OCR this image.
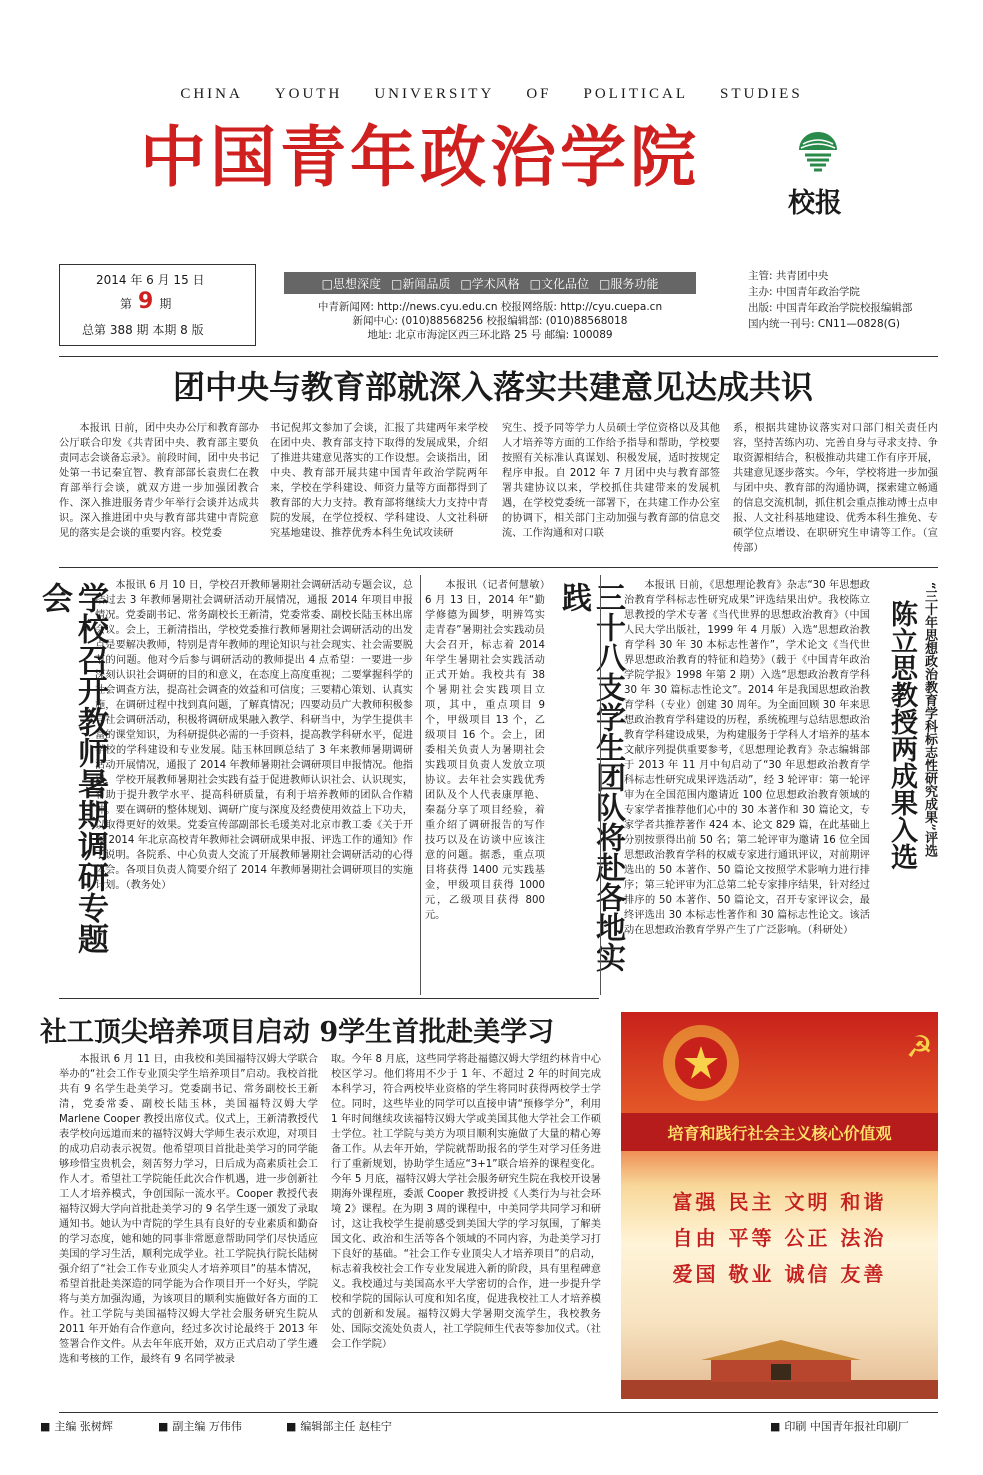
CHINA YOUTH UNIVERSITY OF POLITICAL STUDIES
中国青年政治学院
校报
2014 年 6 月 15 日
第 9 期
总第 388 期 本期 8 版
□思想深度 □新闻品质 □学术风格 □文化品位 □服务功能
中青新闻网: http://news.cyu.edu.cn 校报网络版: http://cyu.cuepa.cn
新闻中心: (010)88568256 校报编辑部: (010)88568018
地址: 北京市海淀区西三环北路 25 号 邮编: 100089
主管: 共青团中央
主办: 中国青年政治学院
出版: 中国青年政治学院校报编辑部
国内统一刊号: CN11—0828(G)
团中央与教育部就深入落实共建意见达成共识

本报讯 日前，团中央办公厅和教育部办公厅联合印发《共青团中央、教育部主要负责同志会谈备忘录》。前段时间，团中央书记处第一书记秦宜智、教育部部长袁贵仁在教育部举行会谈，就双方进一步加强团教合作、深入推进服务青少年举行会谈并达成共识。深入推进团中央与教育部共建中青院意见的落实是会谈的重要内容。校党委

书记倪邦文参加了会谈，汇报了共建两年来学校在团中央、教育部支持下取得的发展成果，介绍了推进共建意见落实的工作设想。会谈指出，团中央、教育部开展共建中国青年政治学院两年来，学校在学科建设、师资力量等方面都得到了教育部的大力支持。教育部将继续大力支持中青院的发展，在学位授权、学科建设、人文社科研究基地建设、推荐优秀本科生免试攻读研

究生、授予同等学力人员硕士学位资格以及其他人才培养等方面的工作给予指导和帮助，学校要按照有关标准认真谋划、积极发展，适时按规定程序申报。自 2012 年 7 月团中央与教育部签署共建协议以来，学校抓住共建带来的发展机遇，在学校党委统一部署下，在共建工作办公室的协调下，相关部门主动加强与教育部的信息交流、工作沟通和对口联

系，根据共建协议落实对口部门相关责任内容，坚持苦练内功、完善自身与寻求支持、争取资源相结合，积极推动共建工作有序开展，共建意见逐步落实。今年，学校将进一步加强与团中央、教育部的沟通协调，探索建立畅通的信息交流机制，抓住机会重点推动博士点申报、人文社科基地建设、优秀本科生推免、专硕学位点增设、在职研究生申请等工作。（宣传部）

学校召开教师暑期调研专题会	本报讯 6 月 10 日，学校召开教师暑期社会调研活动专题会议，总结过去 3 年教师暑期社会调研活动开展情况，通报 2014 年项目申报情况。党委副书记、常务副校长王新清，党委常委、副校长陆玉林出席会议。会上，王新清指出，学校党委推行教师暑期社会调研活动的出发点是要解决教师，特别是青年教师的理论知识与社会现实、社会需要脱节的问题。他对今后参与调研活动的教师提出 4 点希望：一要进一步深刻认识社会调研的目的和意义，在态度上高度重视；二要掌握科学的社会调查方法，提高社会调查的效益和可信度；三要精心策划、认真实施，在调研过程中找到真问题，了解真情况；四要动员广大教师积极参与社会调研活动，积极将调研成果融入教学、科研当中，为学生提供丰富的课堂知识，为科研提供必需的一手资料，提高教学科研水平，促进学校的学科建设和专业发展。陆玉林回顾总结了 3 年来教师暑期调研活动开展情况，通报了 2014 年教师暑期社会调研项目申报情况。他指出，学校开展教师暑期社会实践有益于促进教师认识社会、认识现实，有助于提升教学水平、提高科研质量，有利于培养教师的团队合作精神。要在调研的整体规划、调研广度与深度及经费使用效益上下功夫，以取得更好的效果。党委宣传部副部长毛瑗美对北京市教工委《关于开展 2014 年北京高校青年教师社会调研成果申报、评选工作的通知》作了说明。各院系、中心负责人交流了开展教师暑期社会调研活动的心得体会。各项目负责人简要介绍了 2014 年教师暑期社会调研项目的实施计划。（教务处）

本报讯（记者何慧敏）6 月 13 日，2014 年“勤学修德为圆梦，明辨笃实走青春”暑期社会实践动员大会召开，标志着 2014 年学生暑期社会实践活动正式开始。我校共有 38 个暑期社会实践项目立项，其中，重点项目 9 个，甲级项目 13 个，乙级项目 16 个。会上，团委相关负责人为暑期社会实践项目负责人发放立项协议。去年社会实践优秀团队及个人代表康厚艳、秦磊分享了项目经验，着重介绍了调研报告的写作技巧以及在访谈中应该注意的问题。据悉，重点项目将获得 1400 元实践基金，甲级项目获得 1000 元，乙级项目获得 800 元。	三十八支学生团队将赴各地实践	本报讯 日前，《思想理论教育》杂志“30 年思想政治教育学科标志性研究成果”评选结果出炉。我校陈立思教授的学术专著《当代世界的思想政治教育》（中国人民大学出版社，1999 年 4 月版）入选“思想政治教育学科 30 年 30 本标志性著作”，学术论文《当代世界思想政治教育的特征和趋势》（载于《中国青年政治学院学报》1998 年第 2 期）入选“思想政治教育学科 30 年 30 篇标志性论文”。2014 年是我国思想政治教育学科（专业）创建 30 周年。为全面回顾 30 年来思想政治教育学科建设的历程，系统梳理与总结思想政治教育学科建设成果，为构建服务于学科人才培养的基本文献序列提供重要参考，《思想理论教育》杂志编辑部于 2013 年 11 月中旬启动了“30 年思想政治教育学科标志性研究成果评选活动”，经 3 轮评审：第一轮评审为在全国范围内邀请近 100 位思想政治教育领域的专家学者推荐他们心中的 30 本著作和 30 篇论文，专家学者共推荐著作 424 本、论文 829 篇，在此基础上分别按票得出前 50 名；第二轮评审为邀请 16 位全国思想政治教育学科的权威专家进行通讯评议，对前期评选出的 50 本著作、50 篇论文按照学术影响力进行排序；第三轮评审为汇总第二轮专家排序结果，针对经过排序的 50 本著作、50 篇论文，召开专家评议会，最终评选出 30 本标志性著作和 30 篇标志性论文。该活动在思想政治教育学界产生了广泛影响。（科研处）

“三十年思想政治教育学科标志性研究成果”评选
陈立思教授两成果入选
社工顶尖培养项目启动 9学生首批赴美学习

本报讯 6 月 11 日，由我校和美国福特汉姆大学联合举办的“社会工作专业顶尖学生培养项目”启动。我校首批共有 9 名学生赴美学习。党委副书记、常务副校长王新清，党委常委、副校长陆玉林，美国福特汉姆大学 Marlene Cooper 教授出席仪式。仪式上，王新清教授代表学校向远道而来的福特汉姆大学师生表示欢迎，对项目的成功启动表示祝贺。他希望项目首批赴美学习的同学能够珍惜宝贵机会，刻苦努力学习，日后成为高素质社会工作人才。希望社工学院能任此次合作机遇，进一步创新社工人才培养模式，争创国际一流水平。Cooper 教授代表福特汉姆大学向首批赴美学习的 9 名学生逐一颁发了录取通知书。她认为中青院的学生具有良好的专业素质和勤奋的学习态度，她和她的同事非常愿意帮助同学们尽快适应美国的学习生活，顺利完成学业。社工学院执行院长陆树强介绍了“社会工作专业顶尖人才培养项目”的基本情况，希望首批赴美深造的同学能为合作项目开一个好头，学院将与美方加强沟通，为该项目的顺利实施做好各方面的工作。社工学院与美国福特汉姆大学社会服务研究生院从 2011 年开始有合作意向，经过多次讨论最终于 2013 年签署合作文件。从去年年底开始，双方正式启动了学生遴选和考核的工作，最终有 9 名同学被录

取。今年 8 月底，这些同学将赴福德汉姆大学纽约林肯中心校区学习。他们将用不少于 1 年、不超过 2 年的时间完成本科学习，符合两校毕业资格的学生将同时获得两校学士学位。同时，这些毕业的同学可以直接申请“预修学分”，利用 1 年时间继续攻读福特汉姆大学或美国其他大学社会工作硕士学位。社工学院与美方为项目顺利实施做了大量的精心筹备工作。从去年开始，学院就帮助报名的学生对学习任务进行了重新规划，协助学生适应“3+1”联合培养的课程变化。今年 5 月底，福特汉姆大学社会服务研究生院在我校开设暑期海外课程班，委派 Cooper 教授讲授《人类行为与社会环境 2》课程。在为期 3 周的课程中，中美同学共同学习和研讨，这让我校学生提前感受到美国大学的学习氛围，了解美国文化、政治和生活等各个领域的不同内容，为赴美学习打下良好的基础。“社会工作专业顶尖人才培养项目”的启动，标志着我校社会工作专业发展进入新的阶段，具有里程碑意义。我校通过与美国高水平大学密切的合作，进一步提升学校和学院的国际认可度和知名度，促进我校社工人才培养模式的创新和发展。福特汉姆大学暑期交流学生，我校教务处、国际交流处负责人，社工学院师生代表等参加仪式。（社会工作学院）

☭
培育和践行社会主义核心价值观
富强 民主 文明 和谐
自由 平等 公正 法治
爱国 敬业 诚信 友善
■ 主编 张树辉	■ 副主编 万伟伟	■ 编辑部主任 赵桂宁	■ 印刷 中国青年报社印刷厂
